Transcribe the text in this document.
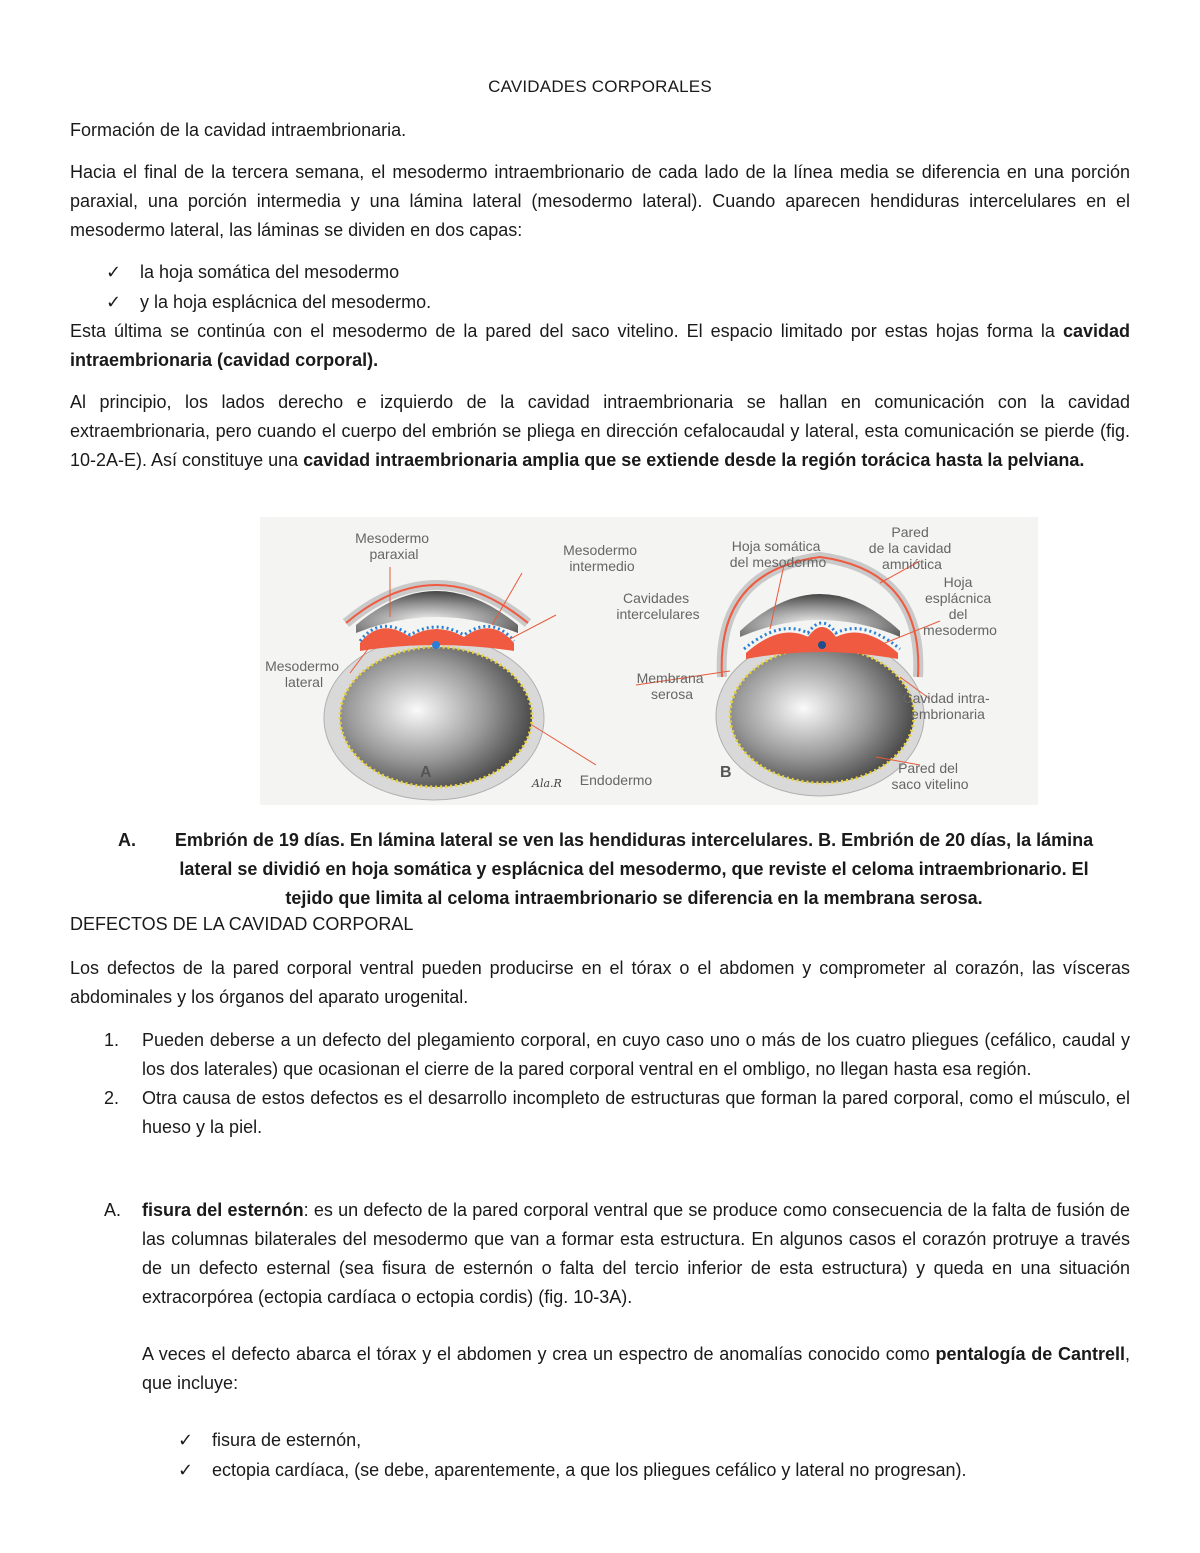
CAVIDADES CORPORALES
Formación de la cavidad intraembrionaria.
Hacia el final de la tercera semana, el mesodermo intraembrionario de cada lado de la línea media se diferencia en una porción paraxial, una porción intermedia y una lámina lateral (mesodermo lateral). Cuando aparecen hendiduras intercelulares en el mesodermo lateral, las láminas se dividen en dos capas:
✓	la hoja somática del mesodermo
✓	y la hoja esplácnica del mesodermo.
Esta última se continúa con el mesodermo de la pared del saco vitelino. El espacio limitado por estas hojas forma la cavidad intraembrionaria (cavidad corporal).
Al principio, los lados derecho e izquierdo de la cavidad intraembrionaria se hallan en comunicación con la cavidad extraembrionaria, pero cuando el cuerpo del embrión se pliega en dirección cefalocaudal y lateral, esta comunicación se pierde (fig. 10-2A-E). Así constituye una cavidad intraembrionaria amplia que se extiende desde la región torácica hasta la pelviana.
A.	Embrión de 19 días. En lámina lateral se ven las hendiduras intercelulares. B. Embrión de 20 días, la lámina lateral se dividió en hoja somática y esplácnica del mesodermo, que reviste el celoma intraembrionario. El tejido que limita al celoma intraembrionario se diferencia en la membrana serosa.
DEFECTOS DE LA CAVIDAD CORPORAL
Los defectos de la pared corporal ventral pueden producirse en el tórax o el abdomen y comprometer al corazón, las vísceras abdominales y los órganos del aparato urogenital.
1. Pueden deberse a un defecto del plegamiento corporal, en cuyo caso uno o más de los cuatro pliegues (cefálico, caudal y los dos laterales) que ocasionan el cierre de la pared corporal ventral en el ombligo, no llegan hasta esa región.
2. Otra causa de estos defectos es el desarrollo incompleto de estructuras que forman la pared corporal, como el músculo, el hueso y la piel.
A. fisura del esternón: es un defecto de la pared corporal ventral que se produce como consecuencia de la falta de fusión de las columnas bilaterales del mesodermo que van a formar esta estructura. En algunos casos el corazón protruye a través de un defecto esternal (sea fisura de esternón o falta del tercio inferior de esta estructura) y queda en una situación extracorpórea (ectopia cardíaca o ectopia cordis) (fig. 10-3A).
A veces el defecto abarca el tórax y el abdomen y crea un espectro de anomalías conocido como pentalogía de Cantrell, que incluye:
✓	fisura de esternón,
✓	ectopia cardíaca, (se debe, aparentemente, a que los pliegues cefálico y lateral no progresan).
Mesodermo paraxial	Mesodermo intermedio
Cavidades intercelulares
Mesodermo lateral	Membrana serosa
Endodermo
Hoja somática del mesodermo
Pared de la cavidad amniótica
Hoja esplácnica del mesodermo
Cavidad intra- embrionaria
Pared del saco vitelino
A	B
Ala.R
